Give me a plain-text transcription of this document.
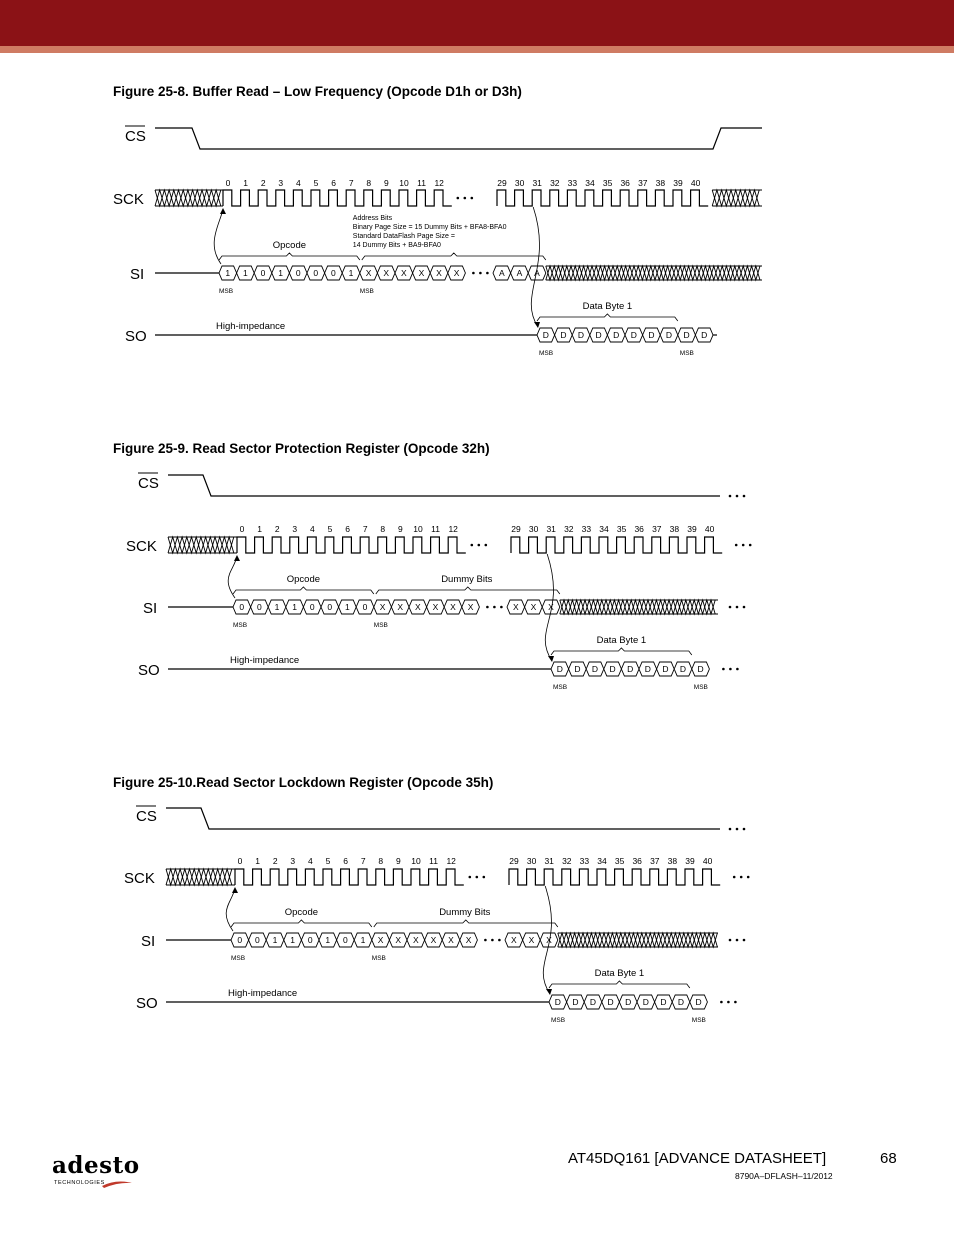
Figure 25-8. Buffer Read – Low Frequency (Opcode D1h or D3h)
CS
SCK
SI
SO
0 1 2 3 4 5 6 7 8 9 10 11 12	29 30 31 32 33 34 35 36 37 38 39 40
1 1 0 1 0 0 0 1 X X X X X X	A A A
MSB	MSB
Opcode
Address Bits
Binary Page Size = 15 Dummy Bits + BFA8-BFA0
Standard DataFlash Page Size =
14 Dummy Bits + BA9-BFA0
High-impedance
D D D D D D D D D D
MSB	MSB
Data Byte 1
Figure 25-9. Read Sector Protection Register (Opcode 32h)
CS
SCK
SI
SO
0 1 2 3 4 5 6 7 8 9 10 11 12	29 30 31 32 33 34 35 36 37 38 39 40
0 0 1 1 0 0 1 0 X X X X X X	X X X
MSB	MSB
Opcode	Dummy Bits
High-impedance
D D D D D D D D D
MSB	MSB
Data Byte 1
Figure 25-10.Read Sector Lockdown Register (Opcode 35h)
CS
SCK
SI
SO
0 1 2 3 4 5 6 7 8 9 10 11 12	29 30 31 32 33 34 35 36 37 38 39 40
0 0 1 1 0 1 0 1 X X X X X X	X X X
MSB	MSB
Opcode	Dummy Bits
High-impedance
D D D D D D D D D
MSB	MSB
Data Byte 1
adesto
TECHNOLOGIES
AT45DQ161 [ADVANCE DATASHEET]	68
8790A–DFLASH–11/2012
